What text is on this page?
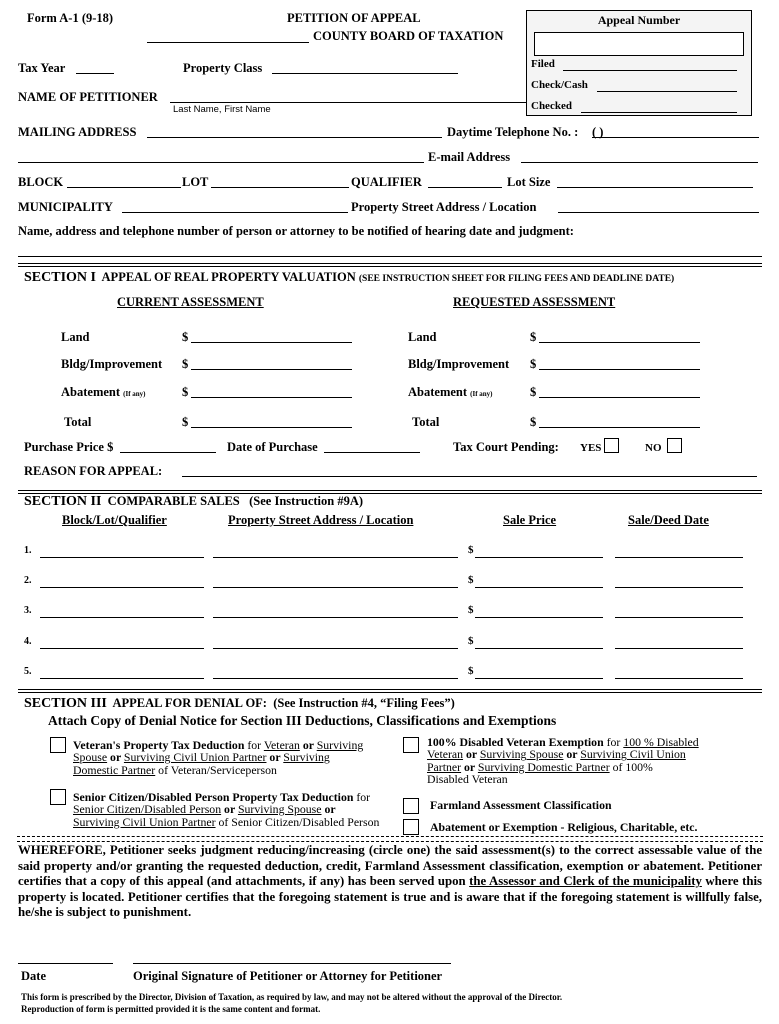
Form A-1 (9-18)	PETITION OF APPEAL
COUNTY BOARD OF TAXATION
Appeal Number
Filed
Check/Cash
Checked
Tax Year	Property Class
NAME OF PETITIONER
Last Name, First Name
MAILING ADDRESS	Daytime Telephone No. : ( )
E-mail Address
BLOCK	LOT	QUALIFIER	Lot Size
MUNICIPALITY	Property Street Address / Location
Name, address and telephone number of person or attorney to be notified of hearing date and judgment:
SECTION I APPEAL OF REAL PROPERTY VALUATION (SEE INSTRUCTION SHEET FOR FILING FEES AND DEADLINE DATE)
CURRENT ASSESSMENT	REQUESTED ASSESSMENT
Land	$
Bldg/Improvement $
Abatement (If any)	$
Total	$
Land	$
Bldg/Improvement $
Abatement (If any)	$
Total	$
Purchase Price $	Date of Purchase	Tax Court Pending: YES	NO
REASON FOR APPEAL:
SECTION II COMPARABLE SALES (See Instruction #9A)
Block/Lot/Qualifier	Property Street Address / Location	Sale Price	Sale/Deed Date
1.	$
2.	$
3.	$
4.	$
5.	$
SECTION III APPEAL FOR DENIAL OF: (See Instruction #4, “Filing Fees”)
Attach Copy of Denial Notice for Section III Deductions, Classifications and Exemptions
Veteran's Property Tax Deduction for Veteran or Surviving
Spouse or Surviving Civil Union Partner or Surviving
Domestic Partner of Veteran/Serviceperson
100% Disabled Veteran Exemption for 100 % Disabled
Veteran or Surviving Spouse or Surviving Civil Union
Partner or Surviving Domestic Partner of 100%
Disabled Veteran
Senior Citizen/Disabled Person Property Tax Deduction for
Senior Citizen/Disabled Person or Surviving Spouse or
Surviving Civil Union Partner of Senior Citizen/Disabled Person
Farmland Assessment Classification
Abatement or Exemption - Religious, Charitable, etc.
WHEREFORE, Petitioner seeks judgment reducing/increasing (circle one) the said assessment(s) to the correct assessable value of the said property and/or granting the requested deduction, credit, Farmland Assessment classification, exemption or abatement. Petitioner certifies that a copy of this appeal (and attachments, if any) has been served upon the Assessor and Clerk of the municipality where this property is located. Petitioner certifies that the foregoing statement is true and is aware that if the foregoing statement is willfully false, he/she is subject to punishment.
Date	Original Signature of Petitioner or Attorney for Petitioner
This form is prescribed by the Director, Division of Taxation, as required by law, and may not be altered without the approval of the Director.
Reproduction of form is permitted provided it is the same content and format.
